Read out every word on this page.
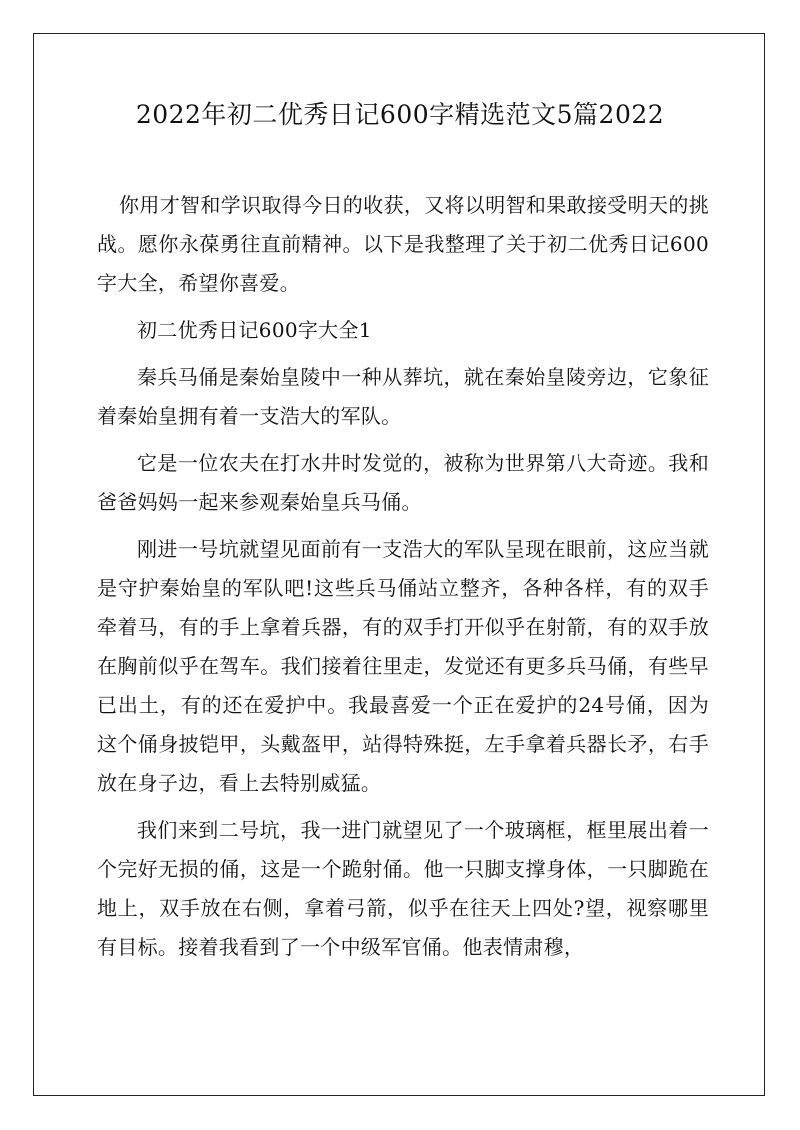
2022年初二优秀日记600字精选范文5篇2022

你用才智和学识取得今日的收获，又将以明智和果敢接受明天的挑战。愿你永葆勇往直前精神。以下是我整理了关于初二优秀日记600字大全，希望你喜爱。

初二优秀日记600字大全1

秦兵马俑是秦始皇陵中一种从葬坑，就在秦始皇陵旁边，它象征着秦始皇拥有着一支浩大的军队。

它是一位农夫在打水井时发觉的，被称为世界第八大奇迹。我和爸爸妈妈一起来参观秦始皇兵马俑。

刚进一号坑就望见面前有一支浩大的军队呈现在眼前，这应当就是守护秦始皇的军队吧!这些兵马俑站立整齐，各种各样，有的双手牵着马，有的手上拿着兵器，有的双手打开似乎在射箭，有的双手放在胸前似乎在驾车。我们接着往里走，发觉还有更多兵马俑，有些早已出土，有的还在爱护中。我最喜爱一个正在爱护的24号俑，因为这个俑身披铠甲，头戴盔甲，站得特殊挺，左手拿着兵器长矛，右手放在身子边，看上去特别威猛。

我们来到二号坑，我一进门就望见了一个玻璃框，框里展出着一个完好无损的俑，这是一个跪射俑。他一只脚支撑身体，一只脚跪在地上，双手放在右侧，拿着弓箭，似乎在往天上四处?望，视察哪里有目标。接着我看到了一个中级军官俑。他表情肃穆，
